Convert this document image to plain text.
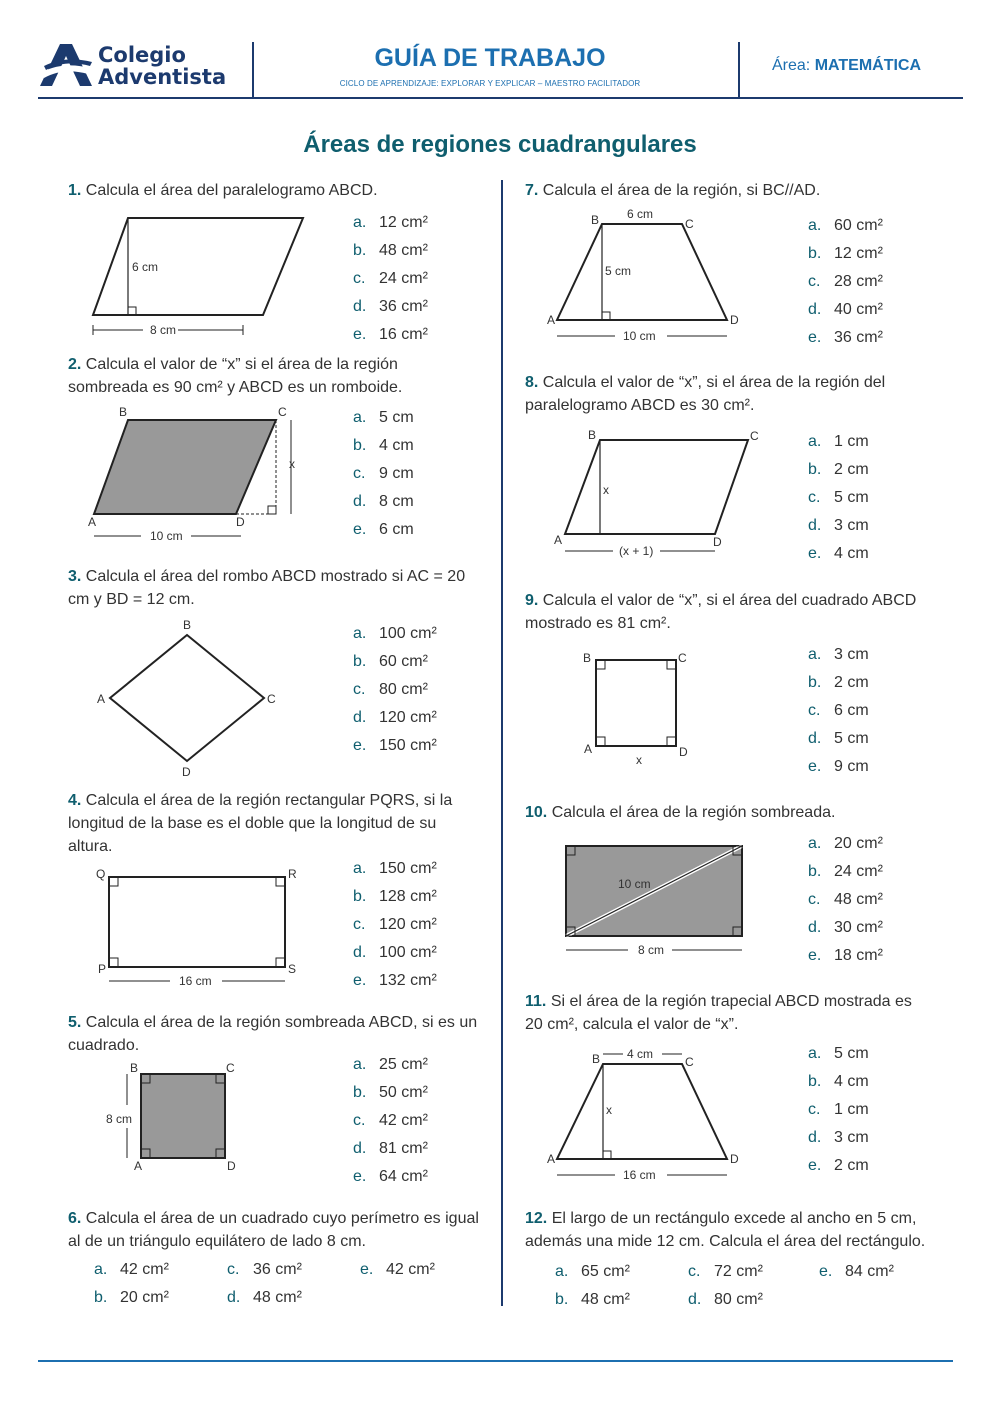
Colegio
Adventista
GUÍA DE TRABAJO
CICLO DE APRENDIZAJE: EXPLORAR Y EXPLICAR – MAESTRO FACILITADOR
Área: MATEMÁTICA
Áreas de regiones cuadrangulares
1. Calcula el área del paralelogramo ABCD.
6 cm
8 cm
a. 12 cm²
b. 48 cm²
c. 24 cm²
d. 36 cm²
e. 16 cm²
2. Calcula el valor de “x” si el área de la región sombreada es 90 cm² y ABCD es un romboide.
B	C
A	D
x
10 cm
a. 5 cm
b. 4 cm
c. 9 cm
d. 8 cm
e. 6 cm
3. Calcula el área del rombo ABCD mostrado si AC = 20 cm y BD = 12 cm.
B
A	C
D
a. 100 cm²
b. 60 cm²
c. 80 cm²
d. 120 cm²
e. 150 cm²
4. Calcula el área de la región rectangular PQRS, si la longitud de la base es el doble que la longitud de su altura.
Q	R
P	S
16 cm
a. 150 cm²
b. 128 cm²
c. 120 cm²
d. 100 cm²
e. 132 cm²
5. Calcula el área de la región sombreada ABCD, si es un cuadrado.
8 cm
B	C
A	D
a. 25 cm²
b. 50 cm²
c. 42 cm²
d. 81 cm²
e. 64 cm²
6. Calcula el área de un cuadrado cuyo perímetro es igual al de un triángulo equilátero de lado 8 cm.
a. 42 cm²	c. 36 cm²	e. 42 cm²
b. 20 cm²	d. 48 cm²
7. Calcula el área de la región, si BC//AD.
6 cm
B	C
5 cm
A	D
10 cm
a. 60 cm²
b. 12 cm²
c. 28 cm²
d. 40 cm²
e. 36 cm²
8. Calcula el valor de “x”, si el área de la región del paralelogramo ABCD es 30 cm².
B	C
x
A	D
(x + 1)
a. 1 cm
b. 2 cm
c. 5 cm
d. 3 cm
e. 4 cm
9. Calcula el valor de “x”, si el área del cuadrado ABCD mostrado es 81 cm².
B	C
A	D
x
a. 3 cm
b. 2 cm
c. 6 cm
d. 5 cm
e. 9 cm
10. Calcula el área de la región sombreada.
10 cm
8 cm
a. 20 cm²
b. 24 cm²
c. 48 cm²
d. 30 cm²
e. 18 cm²
11. Si el área de la región trapecial ABCD mostrada es 20 cm², calcula el valor de “x”.
4 cm
B	C
x
A	D
16 cm
a. 5 cm
b. 4 cm
c. 1 cm
d. 3 cm
e. 2 cm
12. El largo de un rectángulo excede al ancho en 5 cm, además una mide 12 cm. Calcula el área del rectángulo.
a. 65 cm²	c. 72 cm²	e. 84 cm²
b. 48 cm²	d. 80 cm²
